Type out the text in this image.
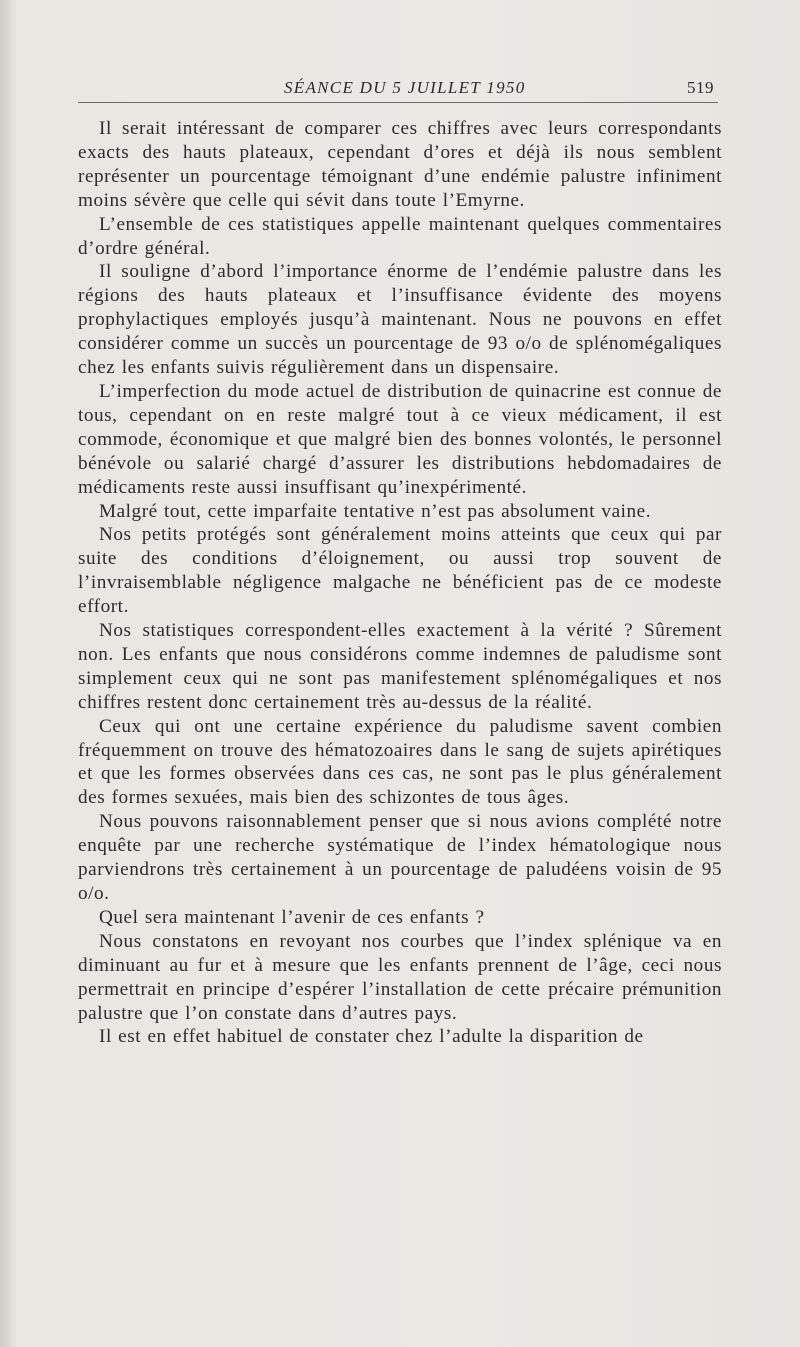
SÉANCE DU 5 JUILLET 1950	519

Il serait intéressant de comparer ces chiffres avec leurs correspondants exacts des hauts plateaux, cependant d’ores et déjà ils nous semblent représenter un pourcentage témoignant d’une endémie palustre infiniment moins sévère que celle qui sévit dans toute l’Emyrne.

L’ensemble de ces statistiques appelle maintenant quelques commentaires d’ordre général.

Il souligne d’abord l’importance énorme de l’endémie palustre dans les régions des hauts plateaux et l’insuffisance évidente des moyens prophylactiques employés jusqu’à maintenant. Nous ne pouvons en effet considérer comme un succès un pourcentage de 93 o/o de splénomégaliques chez les enfants suivis régulièrement dans un dispensaire.

L’imperfection du mode actuel de distribution de quinacrine est connue de tous, cependant on en reste malgré tout à ce vieux médicament, il est commode, économique et que malgré bien des bonnes volontés, le personnel bénévole ou salarié chargé d’assurer les distributions hebdomadaires de médicaments reste aussi insuffisant qu’inexpérimenté.

Malgré tout, cette imparfaite tentative n’est pas absolument vaine.

Nos petits protégés sont généralement moins atteints que ceux qui par suite des conditions d’éloignement, ou aussi trop souvent de l’invraisemblable négligence malgache ne bénéficient pas de ce modeste effort.

Nos statistiques correspondent-elles exactement à la vérité ? Sûrement non. Les enfants que nous considérons comme indemnes de paludisme sont simplement ceux qui ne sont pas manifestement splénomégaliques et nos chiffres restent donc certainement très au-dessus de la réalité.

Ceux qui ont une certaine expérience du paludisme savent combien fréquemment on trouve des hématozoaires dans le sang de sujets apirétiques et que les formes observées dans ces cas, ne sont pas le plus généralement des formes sexuées, mais bien des schizontes de tous âges.

Nous pouvons raisonnablement penser que si nous avions complété notre enquête par une recherche systématique de l’index hématologique nous parviendrons très certainement à un pourcentage de paludéens voisin de 95 o/o.

Quel sera maintenant l’avenir de ces enfants ?

Nous constatons en revoyant nos courbes que l’index splénique va en diminuant au fur et à mesure que les enfants prennent de l’âge, ceci nous permettrait en principe d’espérer l’installation de cette précaire prémunition palustre que l’on constate dans d’autres pays.

Il est en effet habituel de constater chez l’adulte la disparition de
